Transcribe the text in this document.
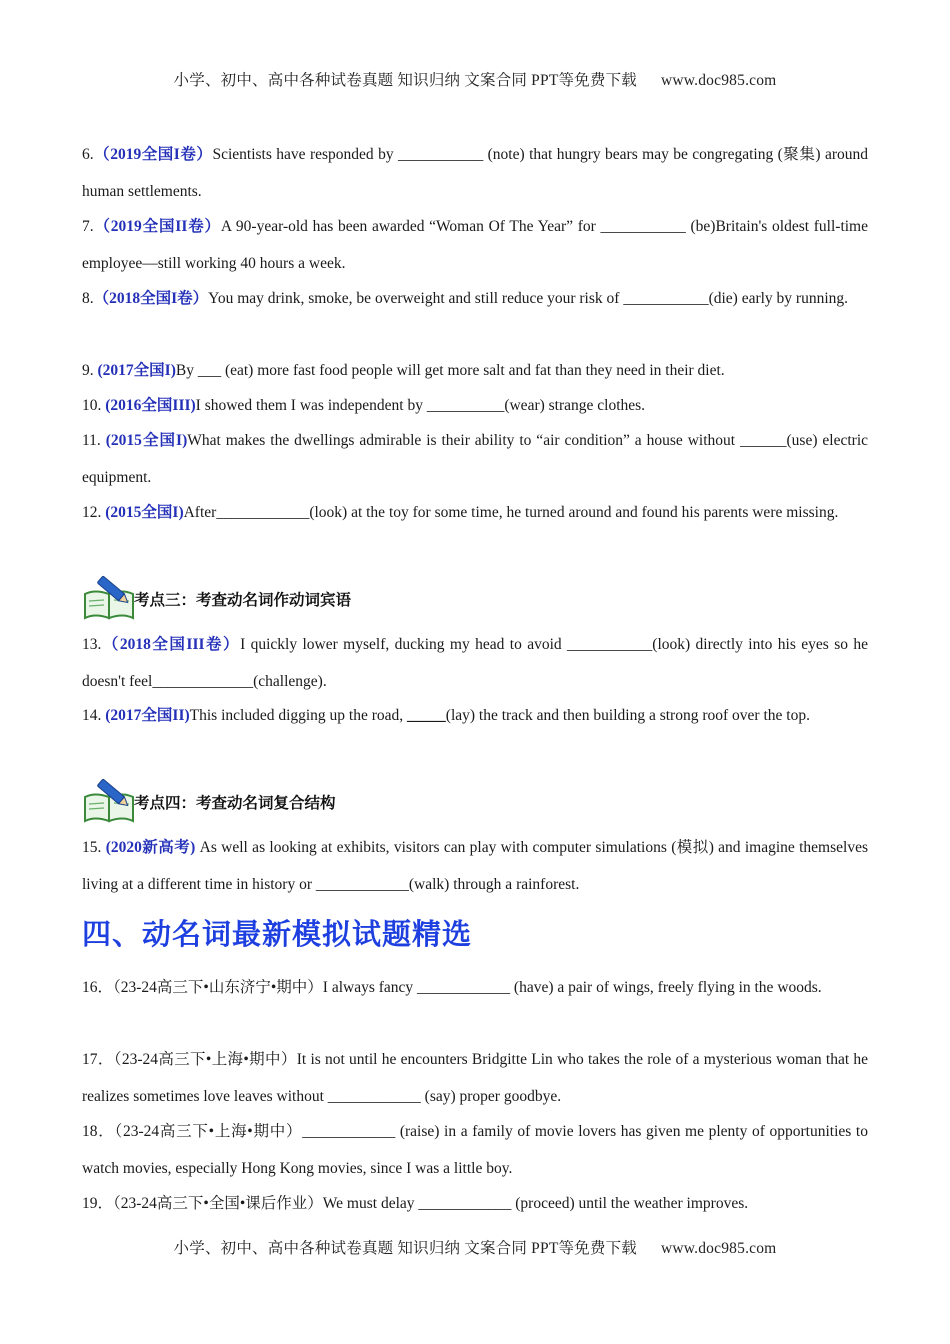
小学、初中、高中各种试卷真题 知识归纳 文案合同 PPT等免费下载 www.doc985.com
6.（2019全国I卷）Scientists have responded by ___________ (note) that hungry bears may be congregating (聚集) around human settlements.
7.（2019全国II卷）A 90-year-old has been awarded “Woman Of The Year” for ___________ (be)Britain's oldest full-time employee—still working 40 hours a week.
8.（2018全国I卷）You may drink, smoke, be overweight and still reduce your risk of ___________(die) early by running.
9. (2017全国I)By ___ (eat) more fast food people will get more salt and fat than they need in their diet.
10. (2016全国III)I showed them I was independent by __________(wear) strange clothes.
11. (2015全国I)What makes the dwellings admirable is their ability to “air condition” a house without ______(use) electric equipment.
12. (2015全国I)After____________(look) at the toy for some time, he turned around and found his parents were missing.
考点三：考查动名词作动词宾语
13.（2018全国III卷）I quickly lower myself, ducking my head to avoid ___________(look) directly into his eyes so he doesn't feel_____________(challenge).
14. (2017全国II)This included digging up the road, _____(lay) the track and then building a strong roof over the top.
考点四：考查动名词复合结构
15. (2020新高考) As well as looking at exhibits, visitors can play with computer simulations (模拟) and imagine themselves living at a different time in history or ____________(walk) through a rainforest.
四、动名词最新模拟试题精选
16．（23-24高三下•山东济宁•期中）I always fancy ____________ (have) a pair of wings, freely flying in the woods.
17．（23-24高三下•上海•期中）It is not until he encounters Bridgitte Lin who takes the role of a mysterious woman that he realizes sometimes love leaves without ____________ (say) proper goodbye.
18．（23-24高三下•上海•期中）____________ (raise) in a family of movie lovers has given me plenty of opportunities to watch movies, especially Hong Kong movies, since I was a little boy.
19．（23-24高三下•全国•课后作业）We must delay ____________ (proceed) until the weather improves.
小学、初中、高中各种试卷真题 知识归纳 文案合同 PPT等免费下载 www.doc985.com
